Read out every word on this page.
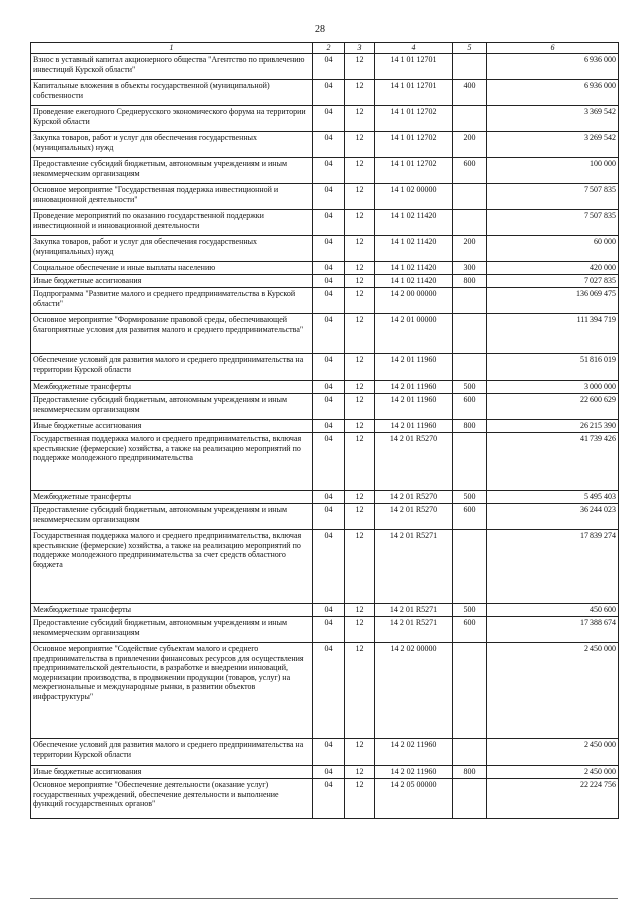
28
1	2	3	4	5	6
Взнос в уставный капитал акционерного общества "Агентство по привлечению инвестиций Курской области"	04	12	14 1 01 12701		6 936 000
Капитальные вложения в объекты государственной (муниципальной) собственности	04	12	14 1 01 12701	400	6 936 000
Проведение ежегодного Среднерусского экономического форума на территории Курской области	04	12	14 1 01 12702		3 369 542
Закупка товаров, работ и услуг для обеспечения государственных (муниципальных) нужд	04	12	14 1 01 12702	200	3 269 542
Предоставление субсидий бюджетным, автономным учреждениям и иным некоммерческим организациям	04	12	14 1 01 12702	600	100 000
Основное мероприятие "Государственная поддержка инвестиционной и инновационной деятельности"	04	12	14 1 02 00000		7 507 835
Проведение мероприятий по оказанию государственной поддержки инвестиционной и инновационной деятельности	04	12	14 1 02 11420		7 507 835
Закупка товаров, работ и услуг для обеспечения государственных (муниципальных) нужд	04	12	14 1 02 11420	200	60 000
Социальное обеспечение и иные выплаты населению	04	12	14 1 02 11420	300	420 000
Иные бюджетные ассигнования	04	12	14 1 02 11420	800	7 027 835
Подпрограмма "Развитие малого и среднего предпринимательства в Курской области"	04	12	14 2 00 00000		136 069 475
Основное мероприятие "Формирование правовой среды, обеспечивающей благоприятные условия для развития малого и среднего предпринимательства"	04	12	14 2 01 00000		111 394 719
Обеспечение условий для развития малого и среднего предпринимательства на территории Курской области	04	12	14 2 01 11960		51 816 019
Межбюджетные трансферты	04	12	14 2 01 11960	500	3 000 000
Предоставление субсидий бюджетным, автономным учреждениям и иным некоммерческим организациям	04	12	14 2 01 11960	600	22 600 629
Иные бюджетные ассигнования	04	12	14 2 01 11960	800	26 215 390
Государственная поддержка малого и среднего предпринимательства, включая крестьянские (фермерские) хозяйства, а также на реализацию мероприятий по поддержке молодежного предпринимательства	04	12	14 2 01 R5270		41 739 426
Межбюджетные трансферты	04	12	14 2 01 R5270	500	5 495 403
Предоставление субсидий бюджетным, автономным учреждениям и иным некоммерческим организациям	04	12	14 2 01 R5270	600	36 244 023
Государственная поддержка малого и среднего предпринимательства, включая крестьянские (фермерские) хозяйства, а также на реализацию мероприятий по поддержке молодежного предпринимательства за счет средств областного бюджета	04	12	14 2 01 R5271		17 839 274
Межбюджетные трансферты	04	12	14 2 01 R5271	500	450 600
Предоставление субсидий бюджетным, автономным учреждениям и иным некоммерческим организациям	04	12	14 2 01 R5271	600	17 388 674
Основное мероприятие "Содействие субъектам малого и среднего предпринимательства в привлечении финансовых ресурсов для осуществления предпринимательской деятельности, в разработке и внедрении инноваций, модернизации производства, в продвижении продукции (товаров, услуг) на межрегиональные и международные рынки, в развитии объектов инфраструктуры"	04	12	14 2 02 00000		2 450 000
Обеспечение условий для развития малого и среднего предпринимательства на территории Курской области	04	12	14 2 02 11960		2 450 000
Иные бюджетные ассигнования	04	12	14 2 02 11960	800	2 450 000
Основное мероприятие "Обеспечение деятельности (оказание услуг) государственных учреждений, обеспечение деятельности и выполнение функций государственных органов"	04	12	14 2 05 00000		22 224 756
